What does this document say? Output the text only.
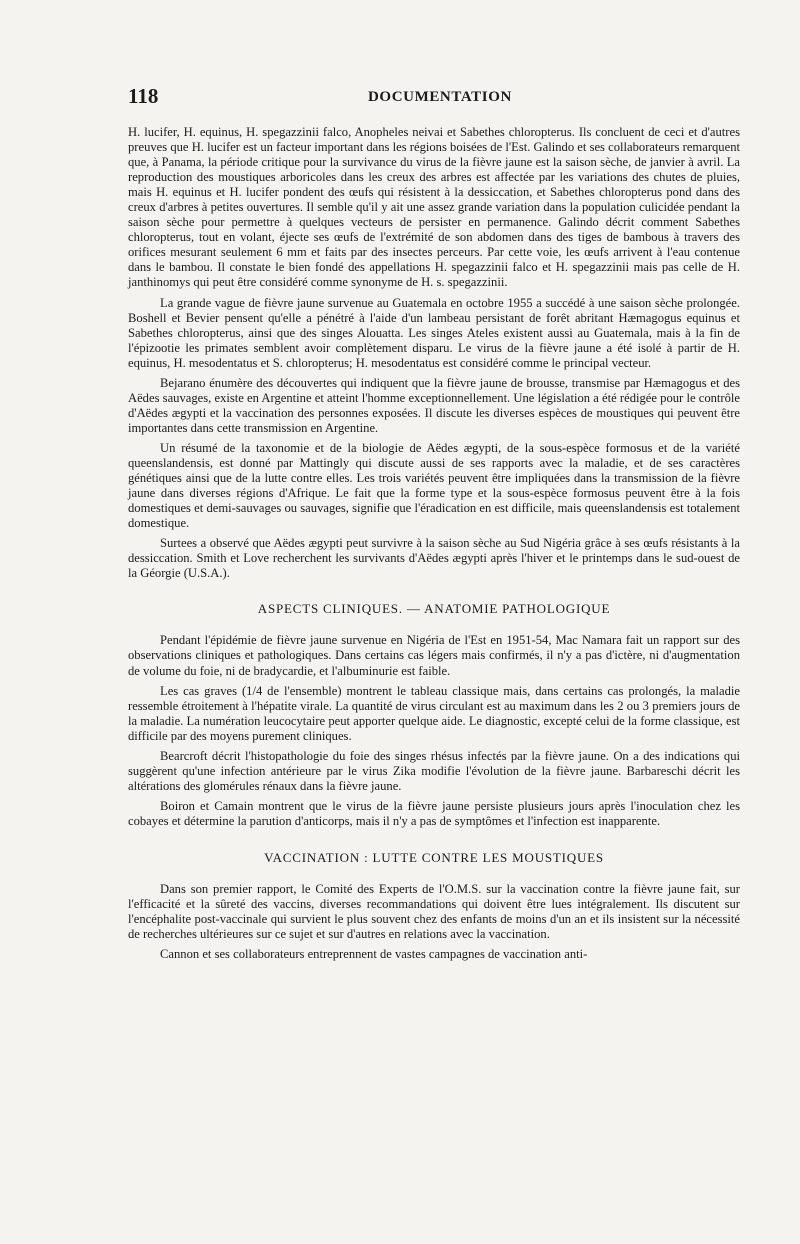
118	DOCUMENTATION

H. lucifer, H. equinus, H. spegazzinii falco, Anopheles neivai et Sabethes chloropterus. Ils concluent de ceci et d'autres preuves que H. lucifer est un facteur important dans les régions boisées de l'Est. Galindo et ses collaborateurs remarquent que, à Panama, la période critique pour la survivance du virus de la fièvre jaune est la saison sèche, de janvier à avril. La reproduction des moustiques arboricoles dans les creux des arbres est affectée par les variations des chutes de pluies, mais H. equinus et H. lucifer pondent des œufs qui résistent à la dessiccation, et Sabethes chloropterus pond dans des creux d'arbres à petites ouvertures. Il semble qu'il y ait une assez grande variation dans la population culicidée pendant la saison sèche pour permettre à quelques vecteurs de persister en permanence. Galindo décrit comment Sabethes chloropterus, tout en volant, éjecte ses œufs de l'extrémité de son abdomen dans des tiges de bambous à travers des orifices mesurant seulement 6 mm et faits par des insectes perceurs. Par cette voie, les œufs arrivent à l'eau contenue dans le bambou. Il constate le bien fondé des appellations H. spegazzinii falco et H. spegazzinii mais pas celle de H. janthinomys qui peut être considéré comme synonyme de H. s. spegazzinii.

La grande vague de fièvre jaune survenue au Guatemala en octobre 1955 a succédé à une saison sèche prolongée. Boshell et Bevier pensent qu'elle a pénétré à l'aide d'un lambeau persistant de forêt abritant Hæmagogus equinus et Sabethes chloropterus, ainsi que des singes Alouatta. Les singes Ateles existent aussi au Guatemala, mais à la fin de l'épizootie les primates semblent avoir complètement disparu. Le virus de la fièvre jaune a été isolé à partir de H. equinus, H. mesodentatus et S. chloropterus; H. mesodentatus est considéré comme le principal vecteur.

Bejarano énumère des découvertes qui indiquent que la fièvre jaune de brousse, transmise par Hæmagogus et des Aëdes sauvages, existe en Argentine et atteint l'homme exceptionnellement. Une législation a été rédigée pour le contrôle d'Aëdes ægypti et la vaccination des personnes exposées. Il discute les diverses espèces de moustiques qui peuvent être importantes dans cette transmission en Argentine.

Un résumé de la taxonomie et de la biologie de Aëdes ægypti, de la sous-espèce formosus et de la variété queenslandensis, est donné par Mattingly qui discute aussi de ses rapports avec la maladie, et de ses caractères génétiques ainsi que de la lutte contre elles. Les trois variétés peuvent être impliquées dans la transmission de la fièvre jaune dans diverses régions d'Afrique. Le fait que la forme type et la sous-espèce formosus peuvent être à la fois domestiques et demi-sauvages ou sauvages, signifie que l'éradication en est difficile, mais queenslandensis est totalement domestique.

Surtees a observé que Aëdes ægypti peut survivre à la saison sèche au Sud Nigéria grâce à ses œufs résistants à la dessiccation. Smith et Love recherchent les survivants d'Aëdes ægypti après l'hiver et le printemps dans le sud-ouest de la Géorgie (U.S.A.).

ASPECTS CLINIQUES. — ANATOMIE PATHOLOGIQUE

Pendant l'épidémie de fièvre jaune survenue en Nigéria de l'Est en 1951-54, Mac Namara fait un rapport sur des observations cliniques et pathologiques. Dans certains cas légers mais confirmés, il n'y a pas d'ictère, ni d'augmentation de volume du foie, ni de bradycardie, et l'albuminurie est faible.

Les cas graves (1/4 de l'ensemble) montrent le tableau classique mais, dans certains cas prolongés, la maladie ressemble étroitement à l'hépatite virale. La quantité de virus circulant est au maximum dans les 2 ou 3 premiers jours de la maladie. La numération leucocytaire peut apporter quelque aide. Le diagnostic, excepté celui de la forme classique, est difficile par des moyens purement cliniques.

Bearcroft décrit l'histopathologie du foie des singes rhésus infectés par la fièvre jaune. On a des indications qui suggèrent qu'une infection antérieure par le virus Zika modifie l'évolution de la fièvre jaune. Barbareschi décrit les altérations des glomérules rénaux dans la fièvre jaune.

Boiron et Camain montrent que le virus de la fièvre jaune persiste plusieurs jours après l'inoculation chez les cobayes et détermine la parution d'anticorps, mais il n'y a pas de symptômes et l'infection est inapparente.

VACCINATION : LUTTE CONTRE LES MOUSTIQUES

Dans son premier rapport, le Comité des Experts de l'O.M.S. sur la vaccination contre la fièvre jaune fait, sur l'efficacité et la sûreté des vaccins, diverses recommandations qui doivent être lues intégralement. Ils discutent sur l'encéphalite post-vaccinale qui survient le plus souvent chez des enfants de moins d'un an et ils insistent sur la nécessité de recherches ultérieures sur ce sujet et sur d'autres en relations avec la vaccination.

Cannon et ses collaborateurs entreprennent de vastes campagnes de vaccination anti-
